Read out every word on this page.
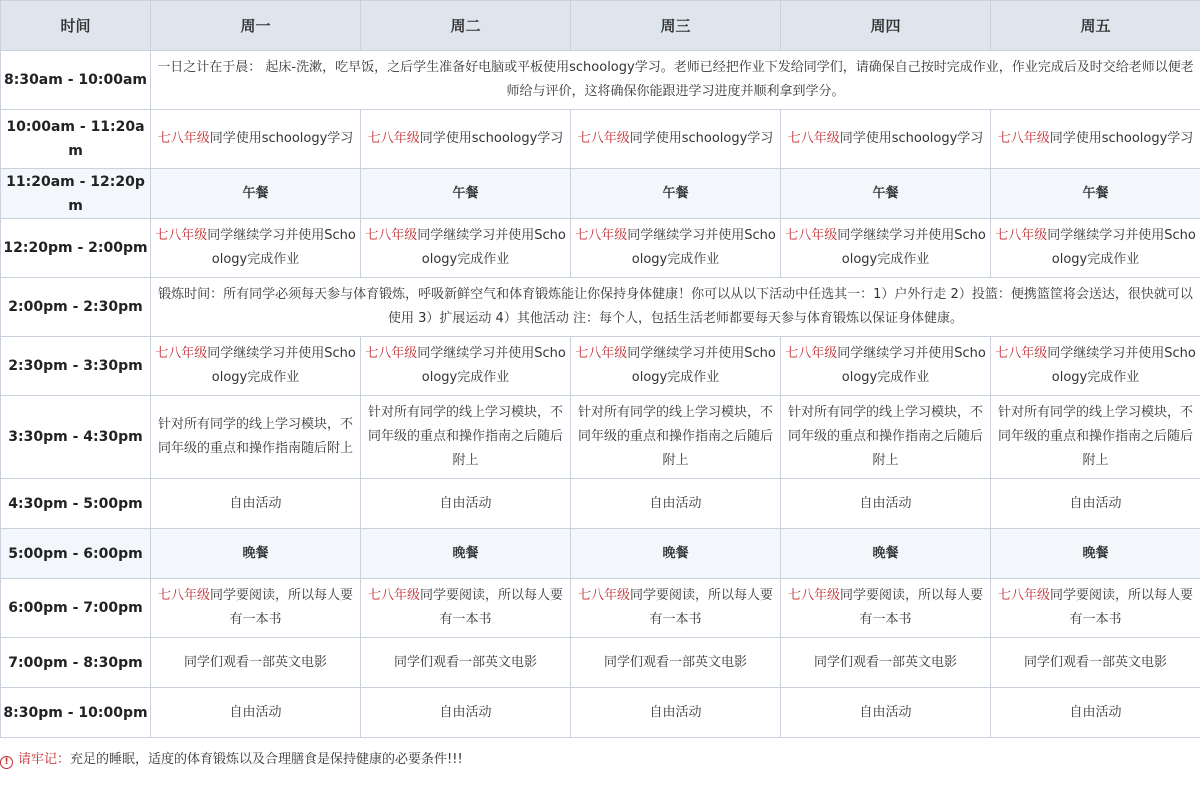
时间	周一	周二	周三	周四	周五
8:30am - 10:00am	一日之计在于晨： 起床-洗漱，吃早饭，之后学生准备好电脑或平板使用schoology学习。老师已经把作业下发给同学们，请确保自己按时完成作业，作业完成后及时交给老师以便老师给与评价，这将确保你能跟进学习进度并顺利拿到学分。				
10:00am - 11:20am	七八年级同学使用schoology学习	七八年级同学使用schoology学习	七八年级同学使用schoology学习	七八年级同学使用schoology学习	七八年级同学使用schoology学习
11:20am - 12:20pm	午餐	午餐	午餐	午餐	午餐
12:20pm - 2:00pm	七八年级同学继续学习并使用Schoology完成作业	七八年级同学继续学习并使用Schoology完成作业	七八年级同学继续学习并使用Schoology完成作业	七八年级同学继续学习并使用Schoology完成作业	七八年级同学继续学习并使用Schoology完成作业
2:00pm - 2:30pm	锻炼时间：所有同学必须每天参与体育锻炼，呼吸新鲜空气和体育锻炼能让你保持身体健康！你可以从以下活动中任选其一：1）户外行走 2）投篮：便携篮筐将会送达，很快就可以使用 3）扩展运动 4）其他活动 注：每个人，包括生活老师都要每天参与体育锻炼以保证身体健康。				
2:30pm - 3:30pm	七八年级同学继续学习并使用Schoology完成作业	七八年级同学继续学习并使用Schoology完成作业	七八年级同学继续学习并使用Schoology完成作业	七八年级同学继续学习并使用Schoology完成作业	七八年级同学继续学习并使用Schoology完成作业
3:30pm - 4:30pm	针对所有同学的线上学习模块，不同年级的重点和操作指南随后附上	针对所有同学的线上学习模块，不同年级的重点和操作指南之后随后附上	针对所有同学的线上学习模块，不同年级的重点和操作指南之后随后附上	针对所有同学的线上学习模块，不同年级的重点和操作指南之后随后附上	针对所有同学的线上学习模块，不同年级的重点和操作指南之后随后附上
4:30pm - 5:00pm	自由活动	自由活动	自由活动	自由活动	自由活动
5:00pm - 6:00pm	晚餐	晚餐	晚餐	晚餐	晚餐
6:00pm - 7:00pm	七八年级同学要阅读，所以每人要有一本书	七八年级同学要阅读，所以每人要有一本书	七八年级同学要阅读，所以每人要有一本书	七八年级同学要阅读，所以每人要有一本书	七八年级同学要阅读，所以每人要有一本书
7:00pm - 8:30pm	同学们观看一部英文电影	同学们观看一部英文电影	同学们观看一部英文电影	同学们观看一部英文电影	同学们观看一部英文电影
8:30pm - 10:00pm	自由活动	自由活动	自由活动	自由活动	自由活动
! 请牢记：充足的睡眠，适度的体育锻炼以及合理膳食是保持健康的必要条件!!!
